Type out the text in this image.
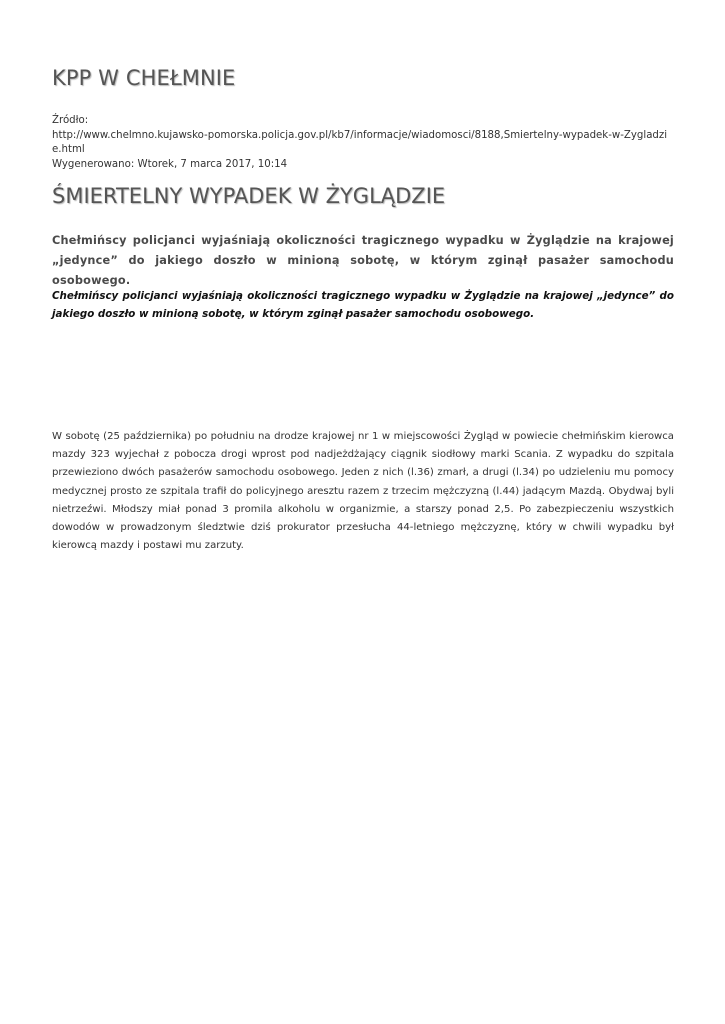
KPP W CHEŁMNIE
Źródło:
http://www.chelmno.kujawsko-pomorska.policja.gov.pl/kb7/informacje/wiadomosci/8188,Smiertelny-wypadek-w-Zygladzie.html
Wygenerowano: Wtorek, 7 marca 2017, 10:14
ŚMIERTELNY WYPADEK W ŻYGLĄDZIE

Chełmińscy policjanci wyjaśniają okoliczności tragicznego wypadku w Żyglądzie na krajowej „jedynce” do jakiego doszło w minioną sobotę, w którym zginął pasażer samochodu osobowego.

Chełmińscy policjanci wyjaśniają okoliczności tragicznego wypadku w Żyglądzie na krajowej „jedynce” do jakiego doszło w minioną sobotę, w którym zginął pasażer samochodu osobowego.

W sobotę (25 października) po południu na drodze krajowej nr 1 w miejscowości Żygląd w powiecie chełmińskim kierowca mazdy 323 wyjechał z pobocza drogi wprost pod nadjeżdżający ciągnik siodłowy marki Scania. Z wypadku do szpitala przewieziono dwóch pasażerów samochodu osobowego. Jeden z nich (l.36) zmarł, a drugi (l.34) po udzieleniu mu pomocy medycznej prosto ze szpitala trafił do policyjnego aresztu razem z trzecim mężczyzną (l.44) jadącym Mazdą. Obydwaj byli nietrzeźwi. Młodszy miał ponad 3 promila alkoholu w organizmie, a starszy ponad 2,5. Po zabezpieczeniu wszystkich dowodów w prowadzonym śledztwie dziś prokurator przesłucha 44-letniego mężczyznę, który w chwili wypadku był kierowcą mazdy i postawi mu zarzuty.
